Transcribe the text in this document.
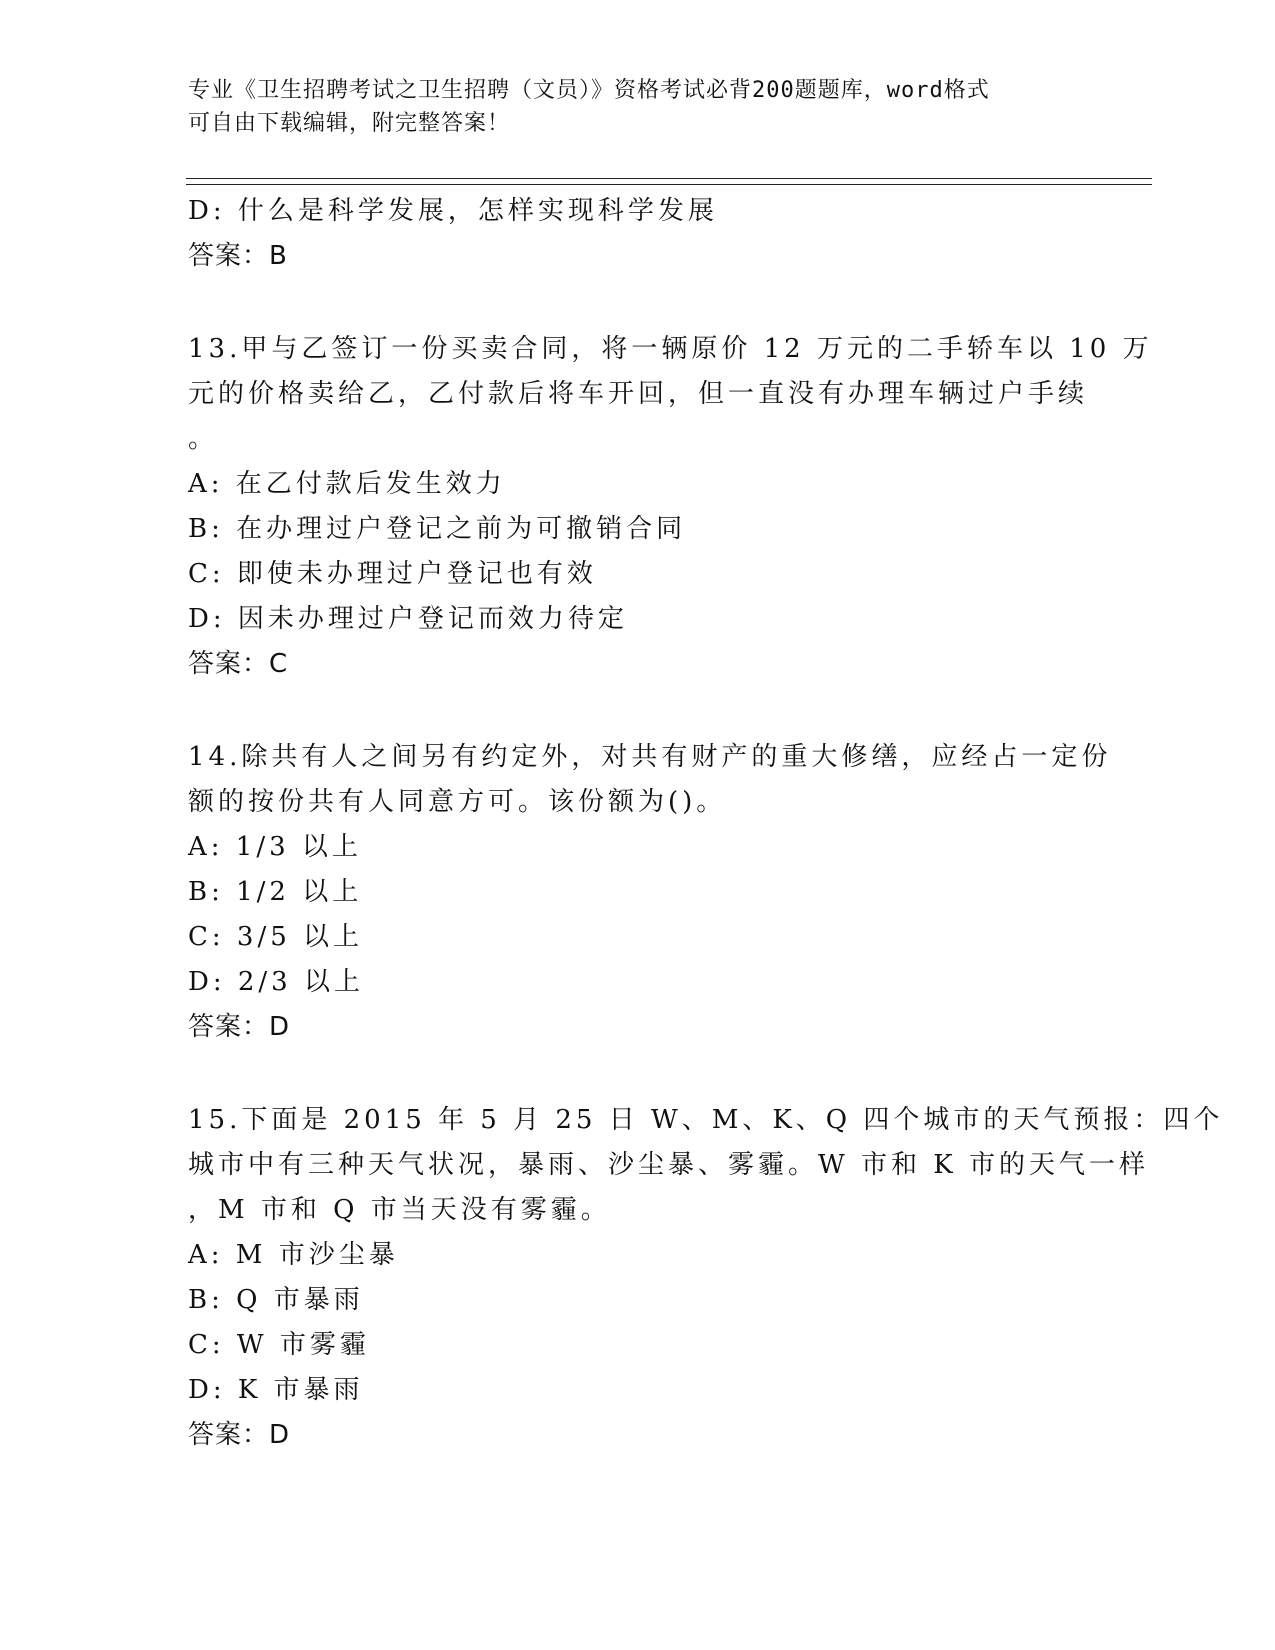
专业《卫生招聘考试之卫生招聘（文员）》资格考试必背200题题库，word格式
可自由下载编辑，附完整答案！
D: 什么是科学发展，怎样实现科学发展
答案：B
13.甲与乙签订一份买卖合同，将一辆原价 12 万元的二手轿车以 10 万
元的价格卖给乙，乙付款后将车开回，但一直没有办理车辆过户手续
。
A: 在乙付款后发生效力
B: 在办理过户登记之前为可撤销合同
C: 即使未办理过户登记也有效
D: 因未办理过户登记而效力待定
答案：C
14.除共有人之间另有约定外，对共有财产的重大修缮，应经占一定份
额的按份共有人同意方可。该份额为()。
A: 1/3 以上
B: 1/2 以上
C: 3/5 以上
D: 2/3 以上
答案：D
15.下面是 2015 年 5 月 25 日 W、M、K、Q 四个城市的天气预报：四个
城市中有三种天气状况，暴雨、沙尘暴、雾霾。W 市和 K 市的天气一样
，M 市和 Q 市当天没有雾霾。
A: M 市沙尘暴
B: Q 市暴雨
C: W 市雾霾
D: K 市暴雨
答案：D
